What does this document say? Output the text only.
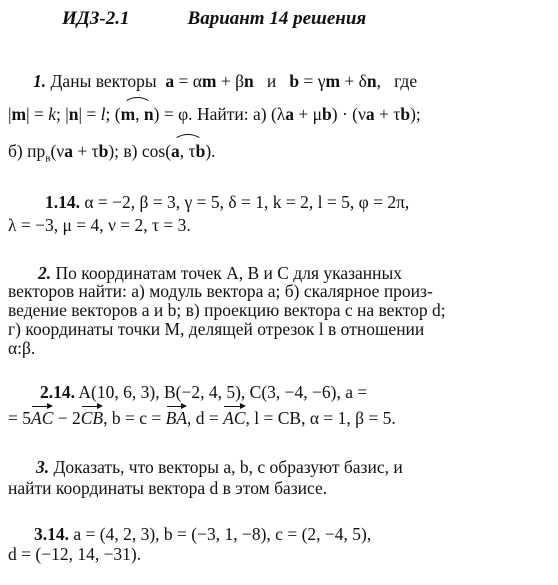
ИДЗ-2.1	Вариант 14 решения
1. Даны векторы a = αm + βn и b = γm + δn,   где
|m| = k; |n| = l; (m, n) = φ. Найти: а) (λa + μb) · (νa + τb);
б) $пр_в(\nu a + \tau b)$; в) cos(a, τb).
1.14. α = −2, β = 3, γ = 5, δ = 1, k = 2, l = 5, φ = 2π,
λ = −3, μ = 4, ν = 2, τ = 3.
2. По координатам точек A, B и C для указанных
векторов найти: а) модуль вектора a; б) скалярное произ-
ведение векторов a и b; в) проекцию вектора c на вектор d;
г) координаты точки M, делящей отрезок l в отношении
α:β.
2.14. A(10, 6, 3), B(−2, 4, 5), C(3, −4, −6), a =
= 5AC − 2CB, b = c = BA, d = AC, l = CB, α = 1, β = 5.
3. Доказать, что векторы a, b, c образуют базис, и
найти координаты вектора d в этом базисе.
3.14. a = (4, 2, 3), b = (−3, 1, −8), c = (2, −4, 5),
d = (−12, 14, −31).
